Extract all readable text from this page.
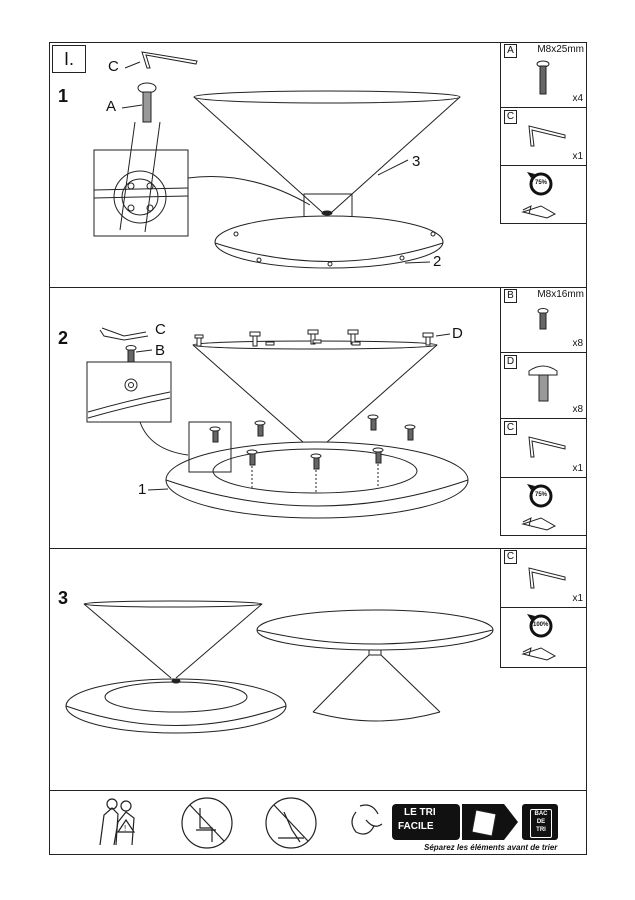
I.
1
C
A
3
2
A	M8x25mm
x4
C
x1
75%
2	C
B
D
1
B	M8x16mm
x8
D
x8
C
x1
75%
3
C
x1
100%
!
LE TRI
FACILE
BAC
DE
TRI
Séparez les éléments avant de trier
